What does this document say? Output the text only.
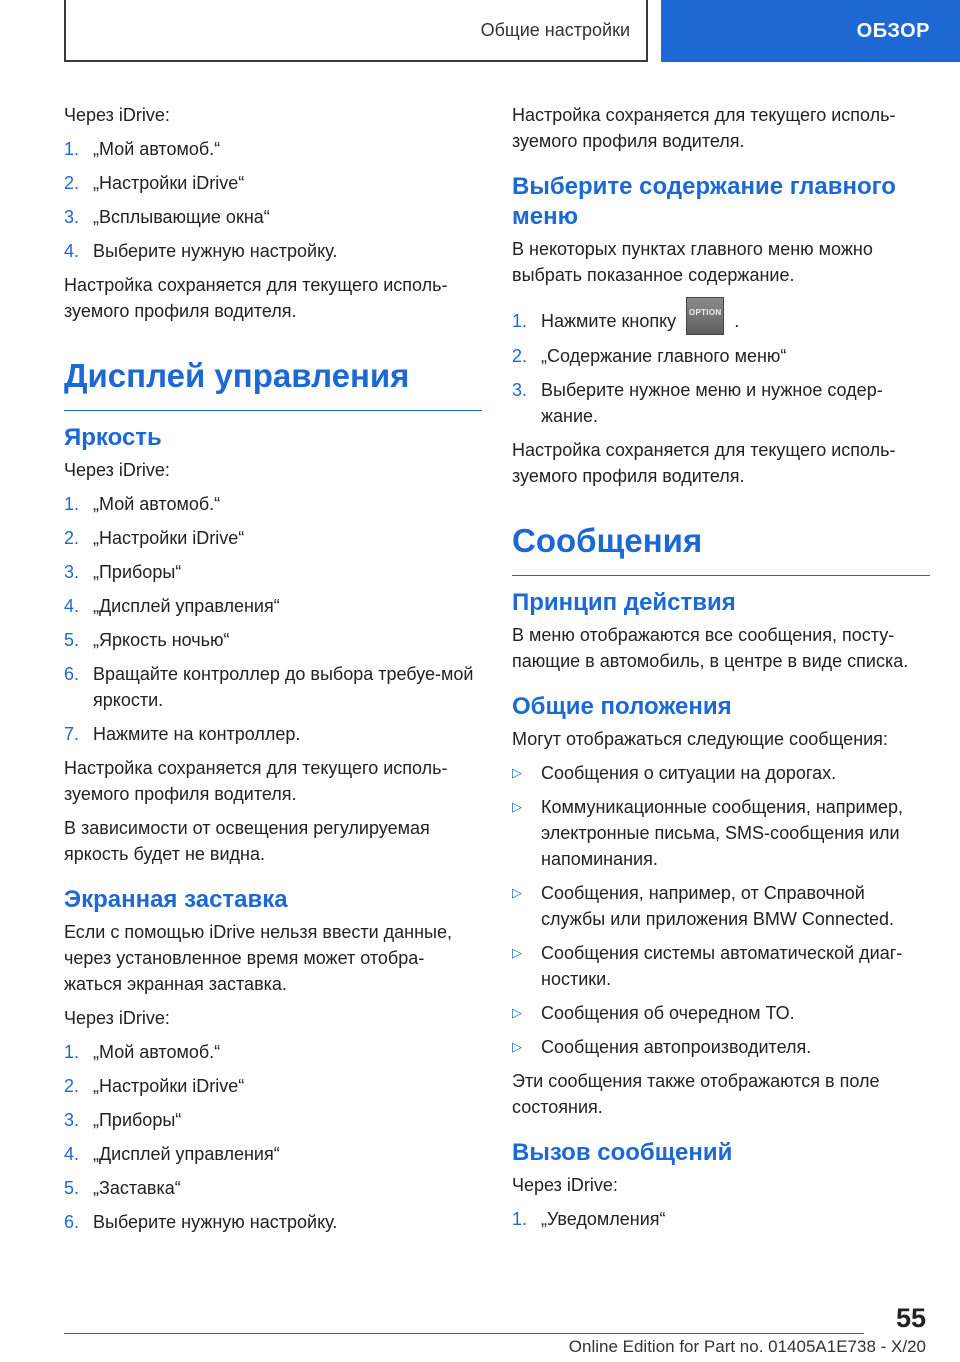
Общие настройки	ОБЗОР

Через iDrive:

1. „Мой автомоб.“
2. „Настройки iDrive“
3. „Всплывающие окна“
4. Выберите нужную настройку.

Настройка сохраняется для текущего исполь-зуемого профиля водителя.

Дисплей управления
Яркость

Через iDrive:

1. „Мой автомоб.“
2. „Настройки iDrive“
3. „Приборы“
4. „Дисплей управления“
5. „Яркость ночью“
6. Вращайте контроллер до выбора требуе-мой яркости.
7. Нажмите на контроллер.

Настройка сохраняется для текущего исполь-зуемого профиля водителя.

В зависимости от освещения регулируемая яркость будет не видна.

Экранная заставка

Если с помощью iDrive нельзя ввести данные, через установленное время может отобра-жаться экранная заставка.

Через iDrive:

1. „Мой автомоб.“
2. „Настройки iDrive“
3. „Приборы“
4. „Дисплей управления“
5. „Заставка“
6. Выберите нужную настройку.

Настройка сохраняется для текущего исполь-зуемого профиля водителя.

Выберите содержание главного меню

В некоторых пунктах главного меню можно выбрать показанное содержание.

1. Нажмите кнопку OPTION .
2. „Содержание главного меню“
3. Выберите нужное меню и нужное содер-жание.

Настройка сохраняется для текущего исполь-зуемого профиля водителя.

Сообщения
Принцип действия

В меню отображаются все сообщения, посту-пающие в автомобиль, в центре в виде списка.

Общие положения

Могут отображаться следующие сообщения:

▷ Сообщения о ситуации на дорогах.
▷ Коммуникационные сообщения, например, электронные письма, SMS-сообщения или напоминания.
▷ Сообщения, например, от Справочной службы или приложения BMW Connected.
▷ Сообщения системы автоматической диаг-ностики.
▷ Сообщения об очередном ТО.
▷ Сообщения автопроизводителя.

Эти сообщения также отображаются в поле состояния.

Вызов сообщений

Через iDrive:

1. „Уведомления“
55
Online Edition for Part no. 01405A1E738 - X/20
